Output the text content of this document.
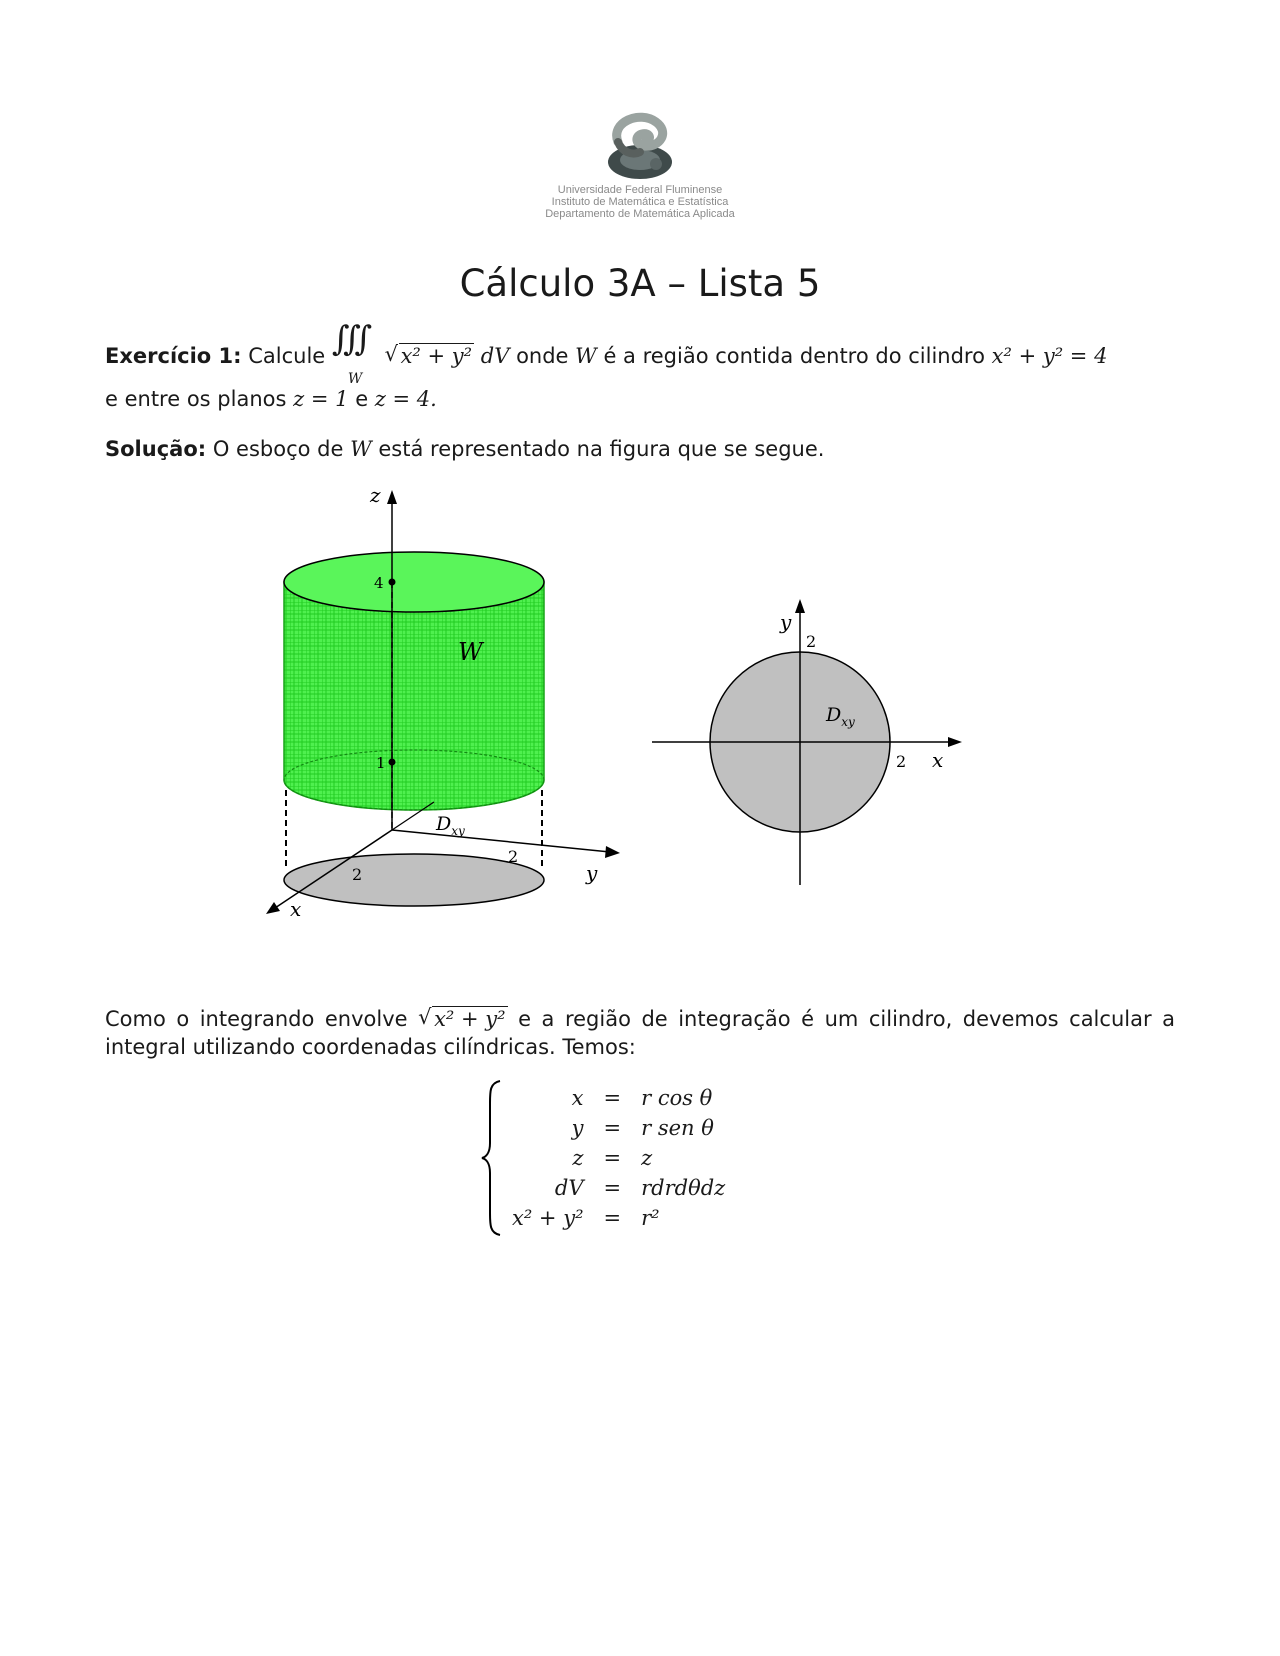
Universidade Federal Fluminense
Instituto de Matemática e Estatística
Departamento de Matemática Aplicada
Cálculo 3A – Lista 5
Exercício 1: Calcule ∭
W

√ x² + y² dV onde W é a região contida dentro do cilindro x² + y² = 4
e entre os planos z = 1 e z = 4.
Solução: O esboço de W está representado na figura que se segue.
z
4
1
W
$D_{xy}$
2
2	y
x
y
2
2 x
$D_{xy}$
Como o integrando envolve √ x² + y² e a região de integração é um cilindro, devemos calcular a integral utilizando coordenadas cilíndricas. Temos:
x	=	r cos θ
y	=	r sen θ
z	=	z
dV	=	rdrdθdz
x² + y²	=	r²
